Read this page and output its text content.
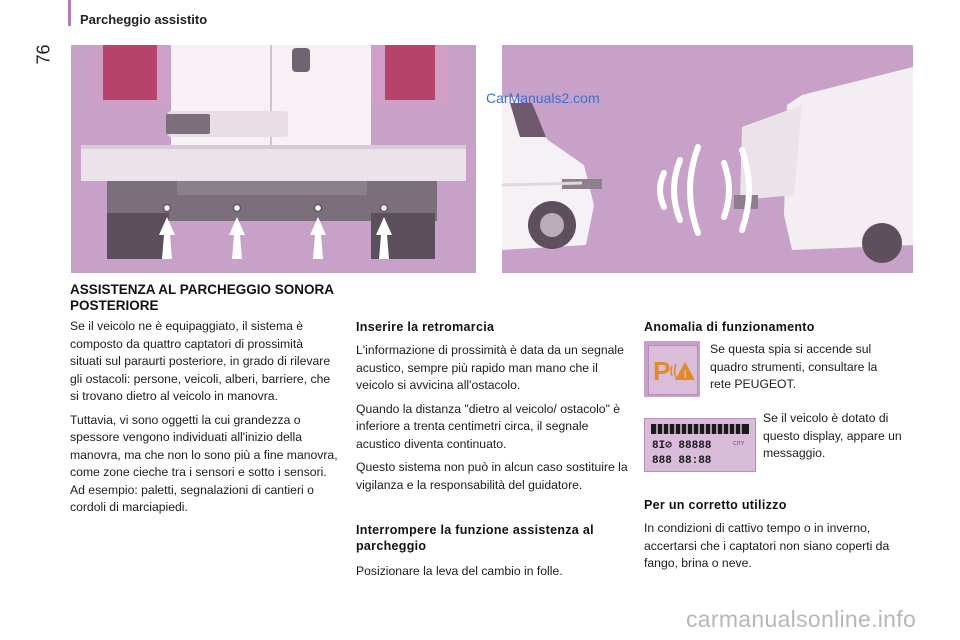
76
Parcheggio assistito
CarManuals2.com
ASSISTENZA AL PARCHEGGIO SONORA POSTERIORE

Se il veicolo ne è equipaggiato, il sistema è composto da quattro captatori di prossimità situati sul paraurti posteriore, in grado di rilevare gli ostacoli: persone, veicoli, alberi, barriere, che si trovano dietro al veicolo in manovra.

Tuttavia, vi sono oggetti la cui grandezza o spessore vengono individuati all'inizio della manovra, ma che non lo sono più a fine manovra, come zone cieche tra i sensori e sotto i sensori. Ad esempio: paletti, segnalazioni di cantieri o cordoli di marciapiedi.

Inserire la retromarcia

L'informazione di prossimità è data da un segnale acustico, sempre più rapido man mano che il veicolo si avvicina all'ostacolo.

Quando la distanza "dietro al veicolo/ ostacolo" è inferiore a trenta centimetri circa, il segnale acustico diventa continuato.

Questo sistema non può in alcun caso sostituire la vigilanza e la responsabilità del guidatore.

Interrompere la funzione assistenza al parcheggio
Posizionare la leva del cambio in folle.
Anomalia di funzionamento
P !
Se questa spia si accende sul quadro strumenti, consultare la rete PEUGEOT.
8I⊘ 88888
888 88:88
CITY
Se il veicolo è dotato di questo display, appare un messaggio.
Per un corretto utilizzo
In condizioni di cattivo tempo o in inverno, accertarsi che i captatori non siano coperti da fango, brina o neve.
carmanualsonline.info
